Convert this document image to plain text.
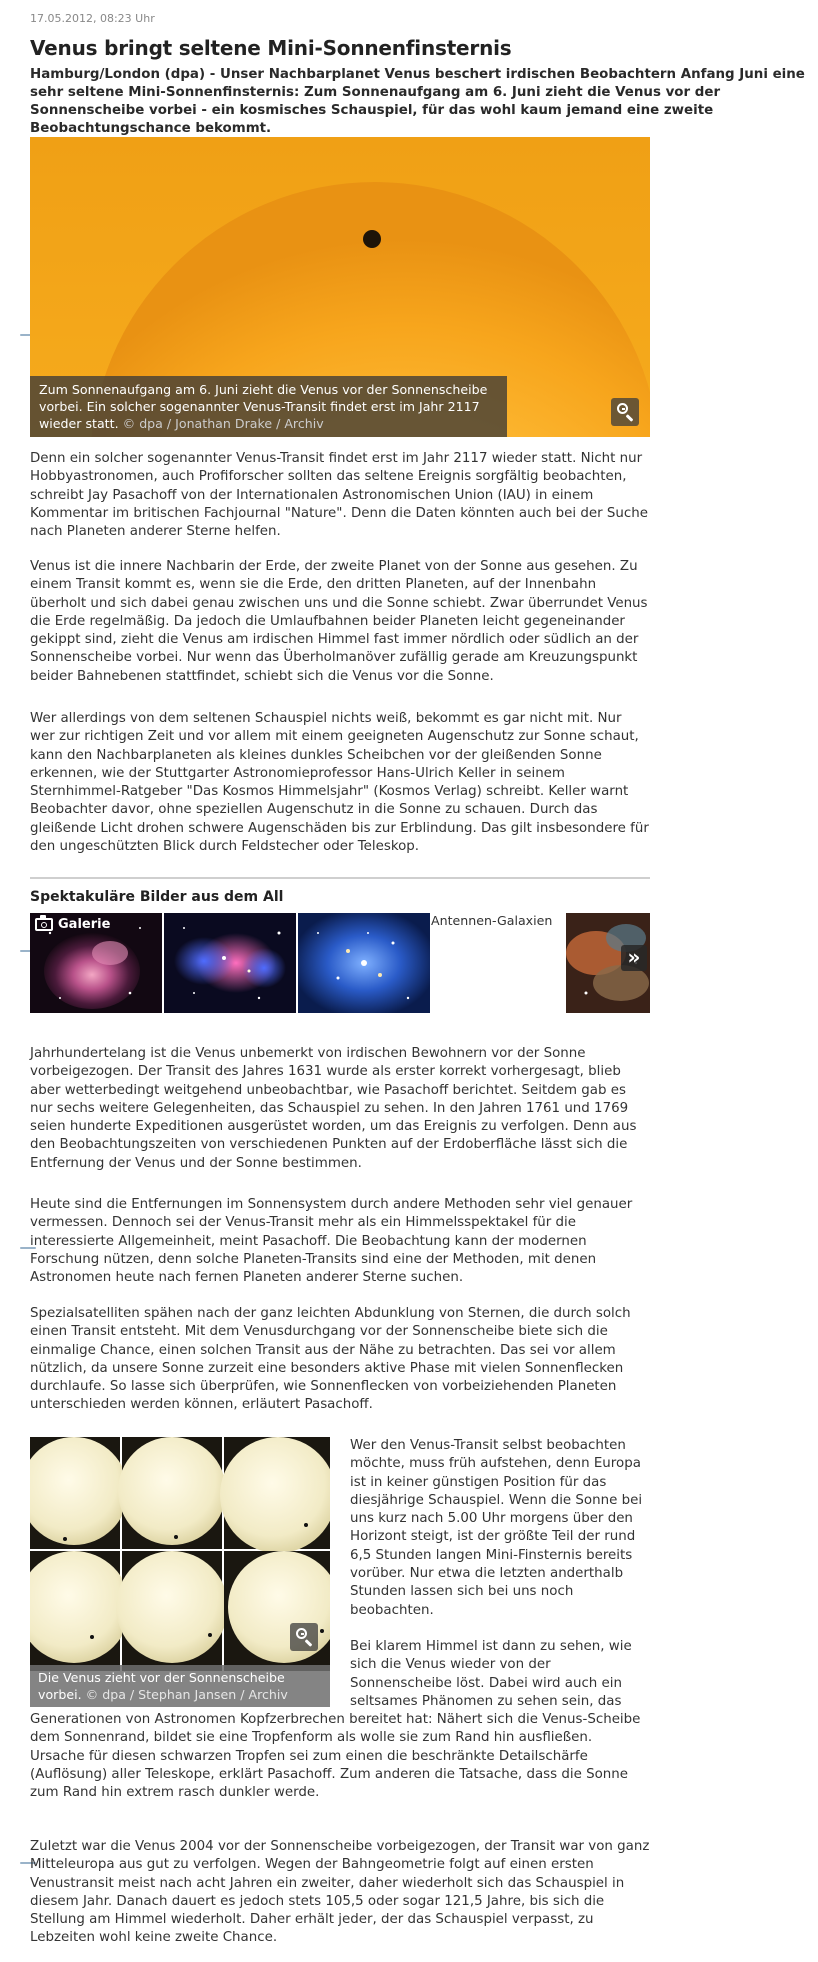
17.05.2012, 08:23 Uhr
Venus bringt seltene Mini-Sonnenfinsternis

Hamburg/London (dpa) - Unser Nachbarplanet Venus beschert irdischen Beobachtern Anfang Juni eine sehr seltene Mini-Sonnenfinsternis: Zum Sonnenaufgang am 6. Juni zieht die Venus vor der Sonnenscheibe vorbei - ein kosmisches Schauspiel, für das wohl kaum jemand eine zweite Beobachtungschance bekommt.

Zum Sonnenaufgang am 6. Juni zieht die Venus vor der Sonnenscheibe vorbei. Ein solcher sogenannter Venus-Transit findet erst im Jahr 2117 wieder statt. © dpa / Jonathan Drake / Archiv

Denn ein solcher sogenannter Venus-Transit findet erst im Jahr 2117 wieder statt. Nicht nur Hobbyastronomen, auch Profiforscher sollten das seltene Ereignis sorgfältig beobachten, schreibt Jay Pasachoff von der Internationalen Astronomischen Union (IAU) in einem Kommentar im britischen Fachjournal "Nature". Denn die Daten könnten auch bei der Suche nach Planeten anderer Sterne helfen.

Venus ist die innere Nachbarin der Erde, der zweite Planet von der Sonne aus gesehen. Zu einem Transit kommt es, wenn sie die Erde, den dritten Planeten, auf der Innenbahn überholt und sich dabei genau zwischen uns und die Sonne schiebt. Zwar überrundet Venus die Erde regelmäßig. Da jedoch die Umlaufbahnen beider Planeten leicht gegeneinander gekippt sind, zieht die Venus am irdischen Himmel fast immer nördlich oder südlich an der Sonnenscheibe vorbei. Nur wenn das Überholmanöver zufällig gerade am Kreuzungspunkt beider Bahnebenen stattfindet, schiebt sich die Venus vor die Sonne.

Wer allerdings von dem seltenen Schauspiel nichts weiß, bekommt es gar nicht mit. Nur wer zur richtigen Zeit und vor allem mit einem geeigneten Augenschutz zur Sonne schaut, kann den Nachbarplaneten als kleines dunkles Scheibchen vor der gleißenden Sonne erkennen, wie der Stuttgarter Astronomieprofessor Hans-Ulrich Keller in seinem Sternhimmel-Ratgeber "Das Kosmos Himmelsjahr" (Kosmos Verlag) schreibt. Keller warnt Beobachter davor, ohne speziellen Augenschutz in die Sonne zu schauen. Durch das gleißende Licht drohen schwere Augenschäden bis zur Erblindung. Das gilt insbesondere für den ungeschützten Blick durch Feldstecher oder Teleskop.

Spektakuläre Bilder aus dem All
Galerie	Antennen-Galaxien
»

Jahrhundertelang ist die Venus unbemerkt von irdischen Bewohnern vor der Sonne vorbeigezogen. Der Transit des Jahres 1631 wurde als erster korrekt vorhergesagt, blieb aber wetterbedingt weitgehend unbeobachtbar, wie Pasachoff berichtet. Seitdem gab es nur sechs weitere Gelegenheiten, das Schauspiel zu sehen. In den Jahren 1761 und 1769 seien hunderte Expeditionen ausgerüstet worden, um das Ereignis zu verfolgen. Denn aus den Beobachtungszeiten von verschiedenen Punkten auf der Erdoberfläche lässt sich die Entfernung der Venus und der Sonne bestimmen.

Heute sind die Entfernungen im Sonnensystem durch andere Methoden sehr viel genauer vermessen. Dennoch sei der Venus-Transit mehr als ein Himmelsspektakel für die interessierte Allgemeinheit, meint Pasachoff. Die Beobachtung kann der modernen Forschung nützen, denn solche Planeten-Transits sind eine der Methoden, mit denen Astronomen heute nach fernen Planeten anderer Sterne suchen.

Spezialsatelliten spähen nach der ganz leichten Abdunklung von Sternen, die durch solch einen Transit entsteht. Mit dem Venusdurchgang vor der Sonnenscheibe biete sich die einmalige Chance, einen solchen Transit aus der Nähe zu betrachten. Das sei vor allem nützlich, da unsere Sonne zurzeit eine besonders aktive Phase mit vielen Sonnenflecken durchlaufe. So lasse sich überprüfen, wie Sonnenflecken von vorbeiziehenden Planeten unterschieden werden können, erläutert Pasachoff.

Die Venus zieht vor der Sonnenscheibe vorbei. © dpa / Stephan Jansen / Archiv

Wer den Venus-Transit selbst beobachten möchte, muss früh aufstehen, denn Europa ist in keiner günstigen Position für das diesjährige Schauspiel. Wenn die Sonne bei uns kurz nach 5.00 Uhr morgens über den Horizont steigt, ist der größte Teil der rund 6,5 Stunden langen Mini-Finsternis bereits vorüber. Nur etwa die letzten anderthalb Stunden lassen sich bei uns noch beobachten.

Bei klarem Himmel ist dann zu sehen, wie sich die Venus wieder von der Sonnenscheibe löst. Dabei wird auch ein seltsames Phänomen zu sehen sein, das

Generationen von Astronomen Kopfzerbrechen bereitet hat: Nähert sich die Venus-Scheibe dem Sonnenrand, bildet sie eine Tropfenform als wolle sie zum Rand hin ausfließen. Ursache für diesen schwarzen Tropfen sei zum einen die beschränkte Detailschärfe (Auflösung) aller Teleskope, erklärt Pasachoff. Zum anderen die Tatsache, dass die Sonne zum Rand hin extrem rasch dunkler werde.

Zuletzt war die Venus 2004 vor der Sonnenscheibe vorbeigezogen, der Transit war von ganz Mitteleuropa aus gut zu verfolgen. Wegen der Bahngeometrie folgt auf einen ersten Venustransit meist nach acht Jahren ein zweiter, daher wiederholt sich das Schauspiel in diesem Jahr. Danach dauert es jedoch stets 105,5 oder sogar 121,5 Jahre, bis sich die Stellung am Himmel wiederholt. Daher erhält jeder, der das Schauspiel verpasst, zu Lebzeiten wohl keine zweite Chance.
